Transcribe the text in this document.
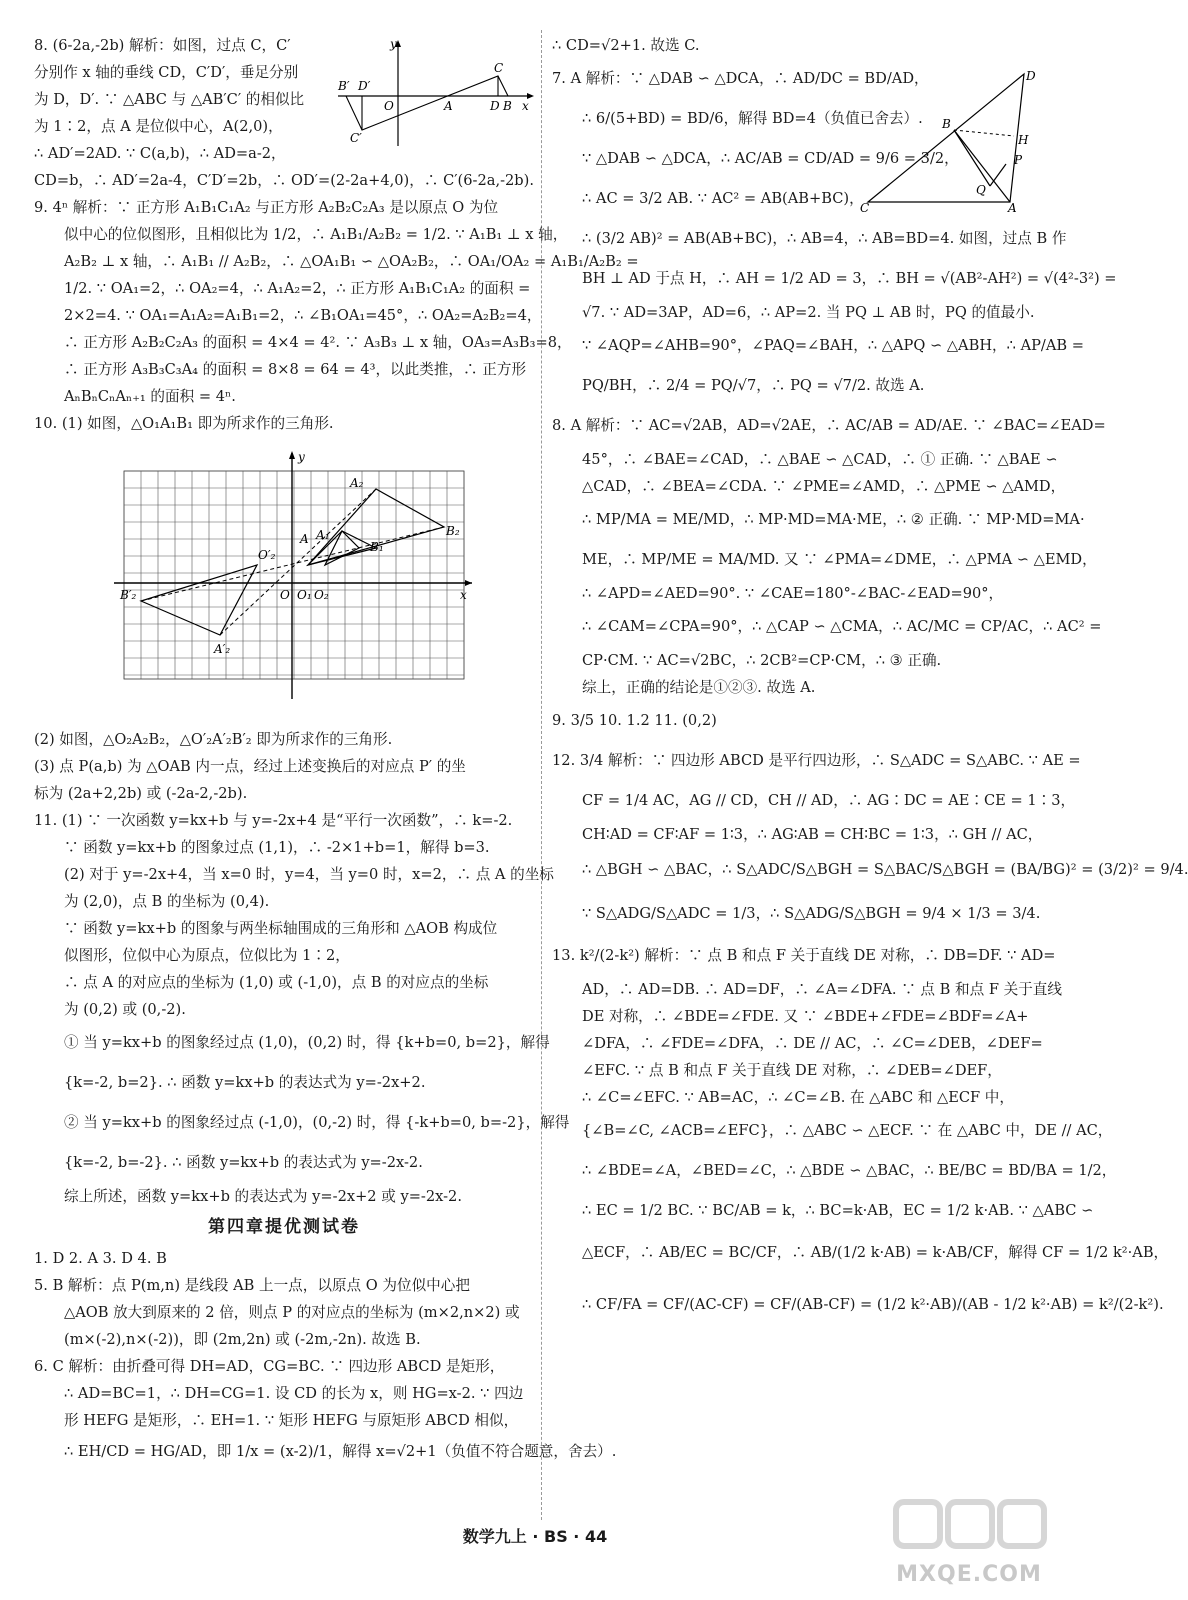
8. (6-2a,-2b) 解析：如图，过点 C，C′
分别作 x 轴的垂线 CD，C′D′，垂足分别
为 D，D′. ∵ △ABC 与 △AB′C′ 的相似比
为 1∶2，点 A 是位似中心，A(2,0)，
∴ AD′=2AD. ∵ C(a,b)，∴ AD=a-2，
CD=b，∴ AD′=2a-4，C′D′=2b，∴ OD′=(2-2a+4,0)，∴ C′(6-2a,-2b).
9. 4ⁿ 解析：∵ 正方形 A₁B₁C₁A₂ 与正方形 A₂B₂C₂A₃ 是以原点 O 为位
似中心的位似图形，且相似比为 1/2，∴ A₁B₁/A₂B₂ = 1/2. ∵ A₁B₁ ⊥ x 轴，
A₂B₂ ⊥ x 轴，∴ A₁B₁ // A₂B₂，∴ △OA₁B₁ ∽ △OA₂B₂，∴ OA₁/OA₂ = A₁B₁/A₂B₂ =
1/2. ∵ OA₁=2，∴ OA₂=4，∴ A₁A₂=2，∴ 正方形 A₁B₁C₁A₂ 的面积 =
2×2=4. ∵ OA₁=A₁A₂=A₁B₁=2，∴ ∠B₁OA₁=45°，∴ OA₂=A₂B₂=4，
∴ 正方形 A₂B₂C₂A₃ 的面积 = 4×4 = 4². ∵ A₃B₃ ⊥ x 轴，OA₃=A₃B₃=8，
∴ 正方形 A₃B₃C₃A₄ 的面积 = 8×8 = 64 = 4³，以此类推，∴ 正方形
AₙBₙCₙAₙ₊₁ 的面积 = 4ⁿ.
10. (1) 如图，△O₁A₁B₁ 即为所求作的三角形.
y
x
O O₁ O₂
O′₂
A A₁
A₂
B₁
B₂
B′₂
A′₂
(2) 如图，△O₂A₂B₂，△O′₂A′₂B′₂ 即为所求作的三角形.
(3) 点 P(a,b) 为 △OAB 内一点，经过上述变换后的对应点 P′ 的坐
标为 (2a+2,2b) 或 (-2a-2,-2b).
11. (1) ∵ 一次函数 y=kx+b 与 y=-2x+4 是“平行一次函数”，∴ k=-2.
∵ 函数 y=kx+b 的图象过点 (1,1)，∴ -2×1+b=1，解得 b=3.
(2) 对于 y=-2x+4，当 x=0 时，y=4，当 y=0 时，x=2，∴ 点 A 的坐标
为 (2,0)，点 B 的坐标为 (0,4).
∵ 函数 y=kx+b 的图象与两坐标轴围成的三角形和 △AOB 构成位
似图形，位似中心为原点，位似比为 1∶2，
∴ 点 A 的对应点的坐标为 (1,0) 或 (-1,0)，点 B 的对应点的坐标
为 (0,2) 或 (0,-2).
① 当 y=kx+b 的图象经过点 (1,0)，(0,2) 时，得 {k+b=0, b=2}，解得
{k=-2, b=2}. ∴ 函数 y=kx+b 的表达式为 y=-2x+2.
② 当 y=kx+b 的图象经过点 (-1,0)，(0,-2) 时，得 {-k+b=0, b=-2}，解得
{k=-2, b=-2}. ∴ 函数 y=kx+b 的表达式为 y=-2x-2.
综上所述，函数 y=kx+b 的表达式为 y=-2x+2 或 y=-2x-2.
第四章提优测试卷
1. D 2. A 3. D 4. B
5. B 解析：点 P(m,n) 是线段 AB 上一点，以原点 O 为位似中心把
△AOB 放大到原来的 2 倍，则点 P 的对应点的坐标为 (m×2,n×2) 或
(m×(-2),n×(-2))，即 (2m,2n) 或 (-2m,-2n). 故选 B.
6. C 解析：由折叠可得 DH=AD，CG=BC. ∵ 四边形 ABCD 是矩形，
∴ AD=BC=1，∴ DH=CG=1. 设 CD 的长为 x，则 HG=x-2. ∵ 四边
形 HEFG 是矩形，∴ EH=1. ∵ 矩形 HEFG 与原矩形 ABCD 相似，
∴ EH/CD = HG/AD，即 1/x = (x-2)/1，解得 x=√2+1（负值不符合题意，舍去）.
y
B′ D′
O	A
C
D B x
C′
∴ CD=√2+1. 故选 C.
7. A 解析：∵ △DAB ∽ △DCA，∴ AD/DC = BD/AD，
∴ 6/(5+BD) = BD/6，解得 BD=4（负值已舍去）.
∵ △DAB ∽ △DCA，∴ AC/AB = CD/AD = 9/6 = 3/2，
∴ AC = 3/2 AB. ∵ AC² = AB(AB+BC)，
∴ (3/2 AB)² = AB(AB+BC)，∴ AB=4，∴ AB=BD=4. 如图，过点 B 作
BH ⊥ AD 于点 H，∴ AH = 1/2 AD = 3，∴ BH = √(AB²-AH²) = √(4²-3²) =
√7. ∵ AD=3AP，AD=6，∴ AP=2. 当 PQ ⊥ AB 时，PQ 的值最小.
∵ ∠AQP=∠AHB=90°，∠PAQ=∠BAH，∴ △APQ ∽ △ABH，∴ AP/AB =
PQ/BH，∴ 2/4 = PQ/√7，∴ PQ = √7/2. 故选 A.
8. A 解析：∵ AC=√2AB，AD=√2AE，∴ AC/AB = AD/AE. ∵ ∠BAC=∠EAD=
45°，∴ ∠BAE=∠CAD，∴ △BAE ∽ △CAD，∴ ① 正确. ∵ △BAE ∽
△CAD，∴ ∠BEA=∠CDA. ∵ ∠PME=∠AMD，∴ △PME ∽ △AMD，
∴ MP/MA = ME/MD，∴ MP·MD=MA·ME，∴ ② 正确. ∵ MP·MD=MA·
ME，∴ MP/ME = MA/MD. 又 ∵ ∠PMA=∠DME，∴ △PMA ∽ △EMD，
∴ ∠APD=∠AED=90°. ∵ ∠CAE=180°-∠BAC-∠EAD=90°，
∴ ∠CAM=∠CPA=90°，∴ △CAP ∽ △CMA，∴ AC/MC = CP/AC，∴ AC² =
CP·CM. ∵ AC=√2BC，∴ 2CB²=CP·CM，∴ ③ 正确.
综上，正确的结论是①②③. 故选 A.
9. 3/5 10. 1.2 11. (0,2)
12. 3/4 解析：∵ 四边形 ABCD 是平行四边形，∴ S△ADC = S△ABC. ∵ AE =
CF = 1/4 AC，AG // CD，CH // AD，∴ AG∶DC = AE∶CE = 1∶3，
CH∶AD = CF∶AF = 1∶3，∴ AG∶AB = CH∶BC = 1∶3，∴ GH // AC，
∴ △BGH ∽ △BAC，∴ S△ADC/S△BGH = S△BAC/S△BGH = (BA/BG)² = (3/2)² = 9/4.
∵ S△ADG/S△ADC = 1/3，∴ S△ADG/S△BGH = 9/4 × 1/3 = 3/4.
13. k²/(2-k²) 解析：∵ 点 B 和点 F 关于直线 DE 对称，∴ DB=DF. ∵ AD=
AD，∴ AD=DB. ∴ AD=DF，∴ ∠A=∠DFA. ∵ 点 B 和点 F 关于直线
DE 对称，∴ ∠BDE=∠FDE. 又 ∵ ∠BDE+∠FDE=∠BDF=∠A+
∠DFA，∴ ∠FDE=∠DFA，∴ DE // AC，∴ ∠C=∠DEB，∠DEF=
∠EFC. ∵ 点 B 和点 F 关于直线 DE 对称，∴ ∠DEB=∠DEF，
∴ ∠C=∠EFC. ∵ AB=AC，∴ ∠C=∠B. 在 △ABC 和 △ECF 中，
{∠B=∠C, ∠ACB=∠EFC}，∴ △ABC ∽ △ECF. ∵ 在 △ABC 中，DE // AC，
∴ ∠BDE=∠A，∠BED=∠C，∴ △BDE ∽ △BAC，∴ BE/BC = BD/BA = 1/2，
∴ EC = 1/2 BC. ∵ BC/AB = k，∴ BC=k·AB，EC = 1/2 k·AB. ∵ △ABC ∽
△ECF，∴ AB/EC = BC/CF，∴ AB/(1/2 k·AB) = k·AB/CF，解得 CF = 1/2 k²·AB，
∴ CF/FA = CF/(AC-CF) = CF/(AB-CF) = (1/2 k²·AB)/(AB - 1/2 k²·AB) = k²/(2-k²).
D
B
H
P
Q
C	A
数学九上 · BS · 44
MXQE.COM
